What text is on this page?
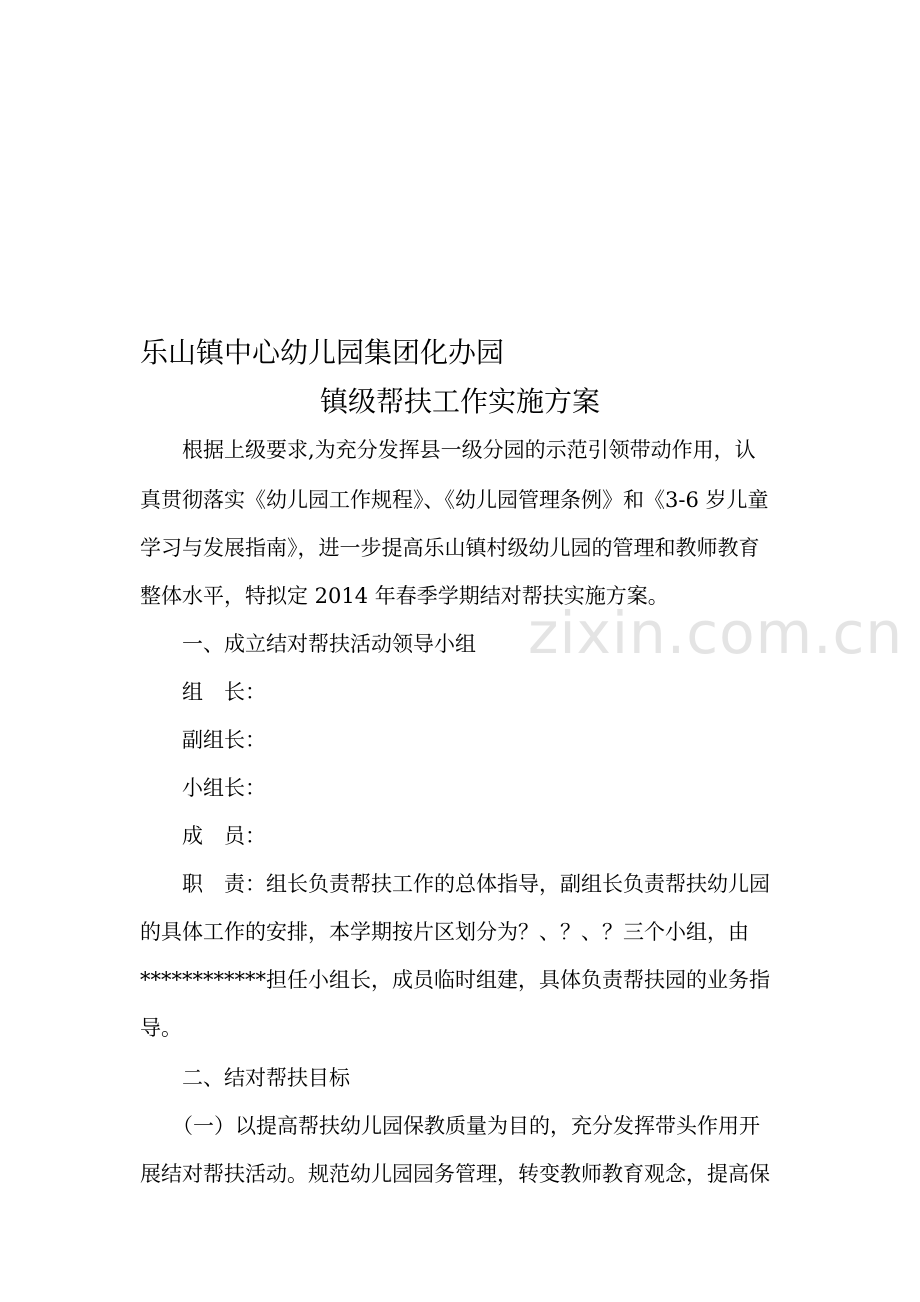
zixin.com.cn
乐山镇中心幼儿园集团化办园
镇级帮扶工作实施方案
根据上级要求,为充分发挥县一级分园的示范引领带动作用，认
真贯彻落实《幼儿园工作规程》、《幼儿园管理条例》和《3-6 岁儿童
学习与发展指南》，进一步提高乐山镇村级幼儿园的管理和教师教育
整体水平，特拟定 2014 年春季学期结对帮扶实施方案。
一、成立结对帮扶活动领导小组
组　长：
副组长：
小组长：
成　员：
职　责：组长负责帮扶工作的总体指导，副组长负责帮扶幼儿园
的具体工作的安排，本学期按片区划分为？、？、？三个小组，由
************担任小组长，成员临时组建，具体负责帮扶园的业务指
导。
二、结对帮扶目标
（一）以提高帮扶幼儿园保教质量为目的，充分发挥带头作用开
展结对帮扶活动。规范幼儿园园务管理，转变教师教育观念，提高保
